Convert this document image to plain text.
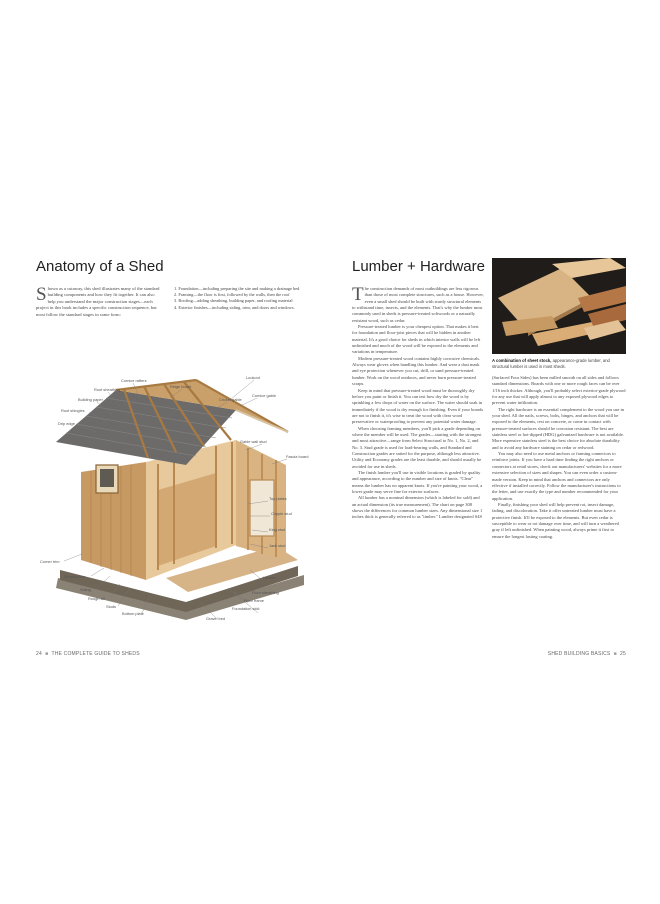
Anatomy of a Shed
Shown as a cutaway, this shed illustrates many of the standard building components and how they fit together. It can also help you understand the major construction stages—each project in this book includes a specific construction sequence, but most follow the standard stages in some form:
1. Foundation—including preparing the site and making a drainage bed
2. Framing—the floor is first, followed by the walls, then the roof
3. Roofing—adding sheathing, building paper, and roofing material
4. Exterior finishes—including siding, trim, and doors and windows.
Cornice rafters
Roof sheathing
Ridge board
Lookout
Building paper	Cricket gable
Cornice gable
Roof shingles
Drip edge
Gable wall stud
Fascia board
Top plates
Cripple stud
King stud
Jack stud
Header
Corner trim
Window trim
Siding
Rough sill
Studs
Bottom plate
Gravel bed
Floor sheathing
Floor frame
Foundation skid
24  ■  THE COMPLETE GUIDE TO SHEDS
Lumber + Hardware

The construction demands of most outbuildings are less rigorous than those of most complete structures, such as a house. However, even a small shed should be built with sturdy structural elements to withstand time, insects, and the elements. That's why the lumber most commonly used in sheds is pressure-treated softwoods or a naturally resistant wood, such as cedar.

Pressure-treated lumber is your cheapest option. That makes it best for foundation and floor-joist pieces that will be hidden in another material. It's a good choice for sheds in which interior walls will be left unfinished and much of the wood will be exposed to the elements and variations in temperature.

Modern pressure-treated wood contains highly corrosive chemicals. Always wear gloves when handling this lumber. And wear a dust mask and eye protection whenever you cut, drill, or sand pressure-treated lumber. Work on the wood outdoors, and never burn pressure-treated scraps.

Keep in mind that pressure-treated wood must be thoroughly dry before you paint or finish it. You can test how dry the wood is by sprinkling a few drops of water on the surface. The water should soak in immediately if the wood is dry enough for finishing. Even if your boards are not to finish it, it's wise to treat the wood with clear wood preservative or waterproofing to prevent any potential water damage.

When choosing framing members, you'll pick a grade depending on where the member will be used. The grades—starting with the strongest and most attractive—range from Select Structural to No. 1, No. 2, and No. 3. Stud grade is used for load-bearing walls, and Standard and Construction grades are suited for the purpose, although less attractive. Utility and Economy grades are the least durable, and should usually be avoided for use in sheds.

The finish lumber you'll use in visible locations is graded by quality and appearance, according to the number and size of knots. "Clear" means the lumber has no apparent knots. If you're painting your wood, a lower grade may serve fine for exterior surfaces.

All lumber has a nominal dimension (which is labeled for sold) and an actual dimension (its true measurement). The chart on page 308 shows the differences for common lumber sizes. Any dimensional size 1 inches thick is generally referred to as "timber." Lumber designated S4S

A combination of sheet stock, appearance-grade lumber, and structural lumber is used in most sheds.

(Surfaced Four Sides) has been milled smooth on all sides and follows standard dimensions. Boards with one or more rough faces can be over 1/16 inch thicker. Although, you'll probably select exterior-grade plywood for any use that will apply almost to any exposed plywood edges to prevent water infiltration.

The right hardware is an essential complement to the wood you use in your shed. All the nails, screws, bolts, hinges, and anchors that will be exposed to the elements, rest on concrete, or come in contact with pressure-treated surfaces should be corrosion resistant. The best are stainless steel or hot-dipped (HDG) galvanized hardware is not available. More expensive stainless steel is the best choice for absolute durability and to avoid any hardware staining on cedar or redwood.

You may also need to use metal anchors or framing connectors to reinforce joints. If you have a hard time finding the right anchors or connectors at retail stores, check out manufacturers' websites for a more extensive selection of sizes and shapes. You can even order a custom-made version. Keep in mind that anchors and connectors are only effective if installed correctly. Follow the manufacturer's instructions to the letter, and use exactly the type and number recommended for your application.

Finally, finishing your shed will help prevent rot, insect damage, fading, and discoloration. Take it offer untreated lumber must have a protective finish. It'll be exposed to the elements. But even cedar is susceptible to wear or rot damage over time, and will turn a weathered gray if left unfinished. When painting wood, always prime it first to ensure the longest lasting coating.

SHED BUILDING BASICS  ■  25
